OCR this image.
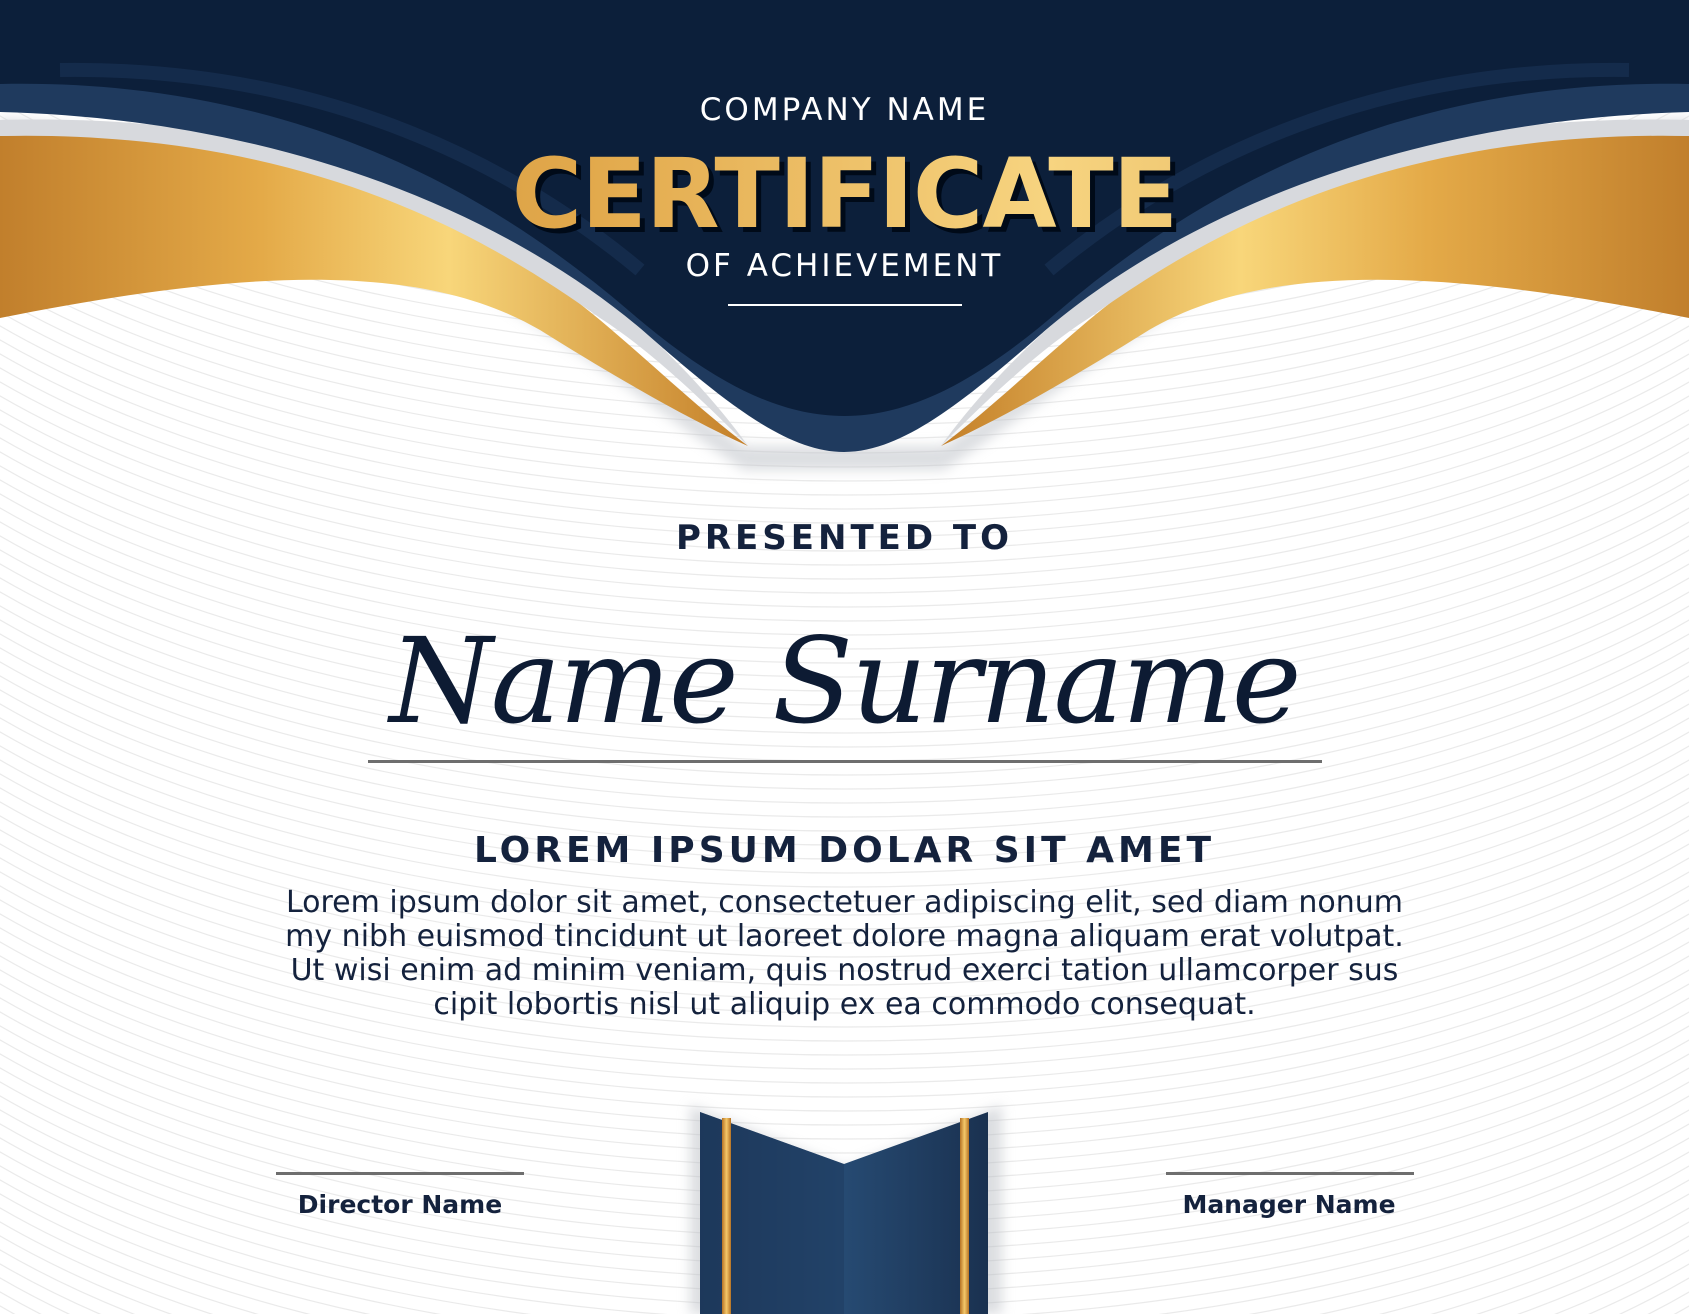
COMPANY NAME

CERTIFICATE

OF ACHIEVEMENT

PRESENTED TO

Name Surname

LOREM IPSUM DOLAR SIT AMET

Lorem ipsum dolor sit amet, consectetuer adipiscing elit, sed diam nonum
my nibh euismod tincidunt ut laoreet dolore magna aliquam erat volutpat.
Ut wisi enim ad minim veniam, quis nostrud exerci tation ullamcorper sus
cipit lobortis nisl ut aliquip ex ea commodo consequat.
Director Name	Manager Name
